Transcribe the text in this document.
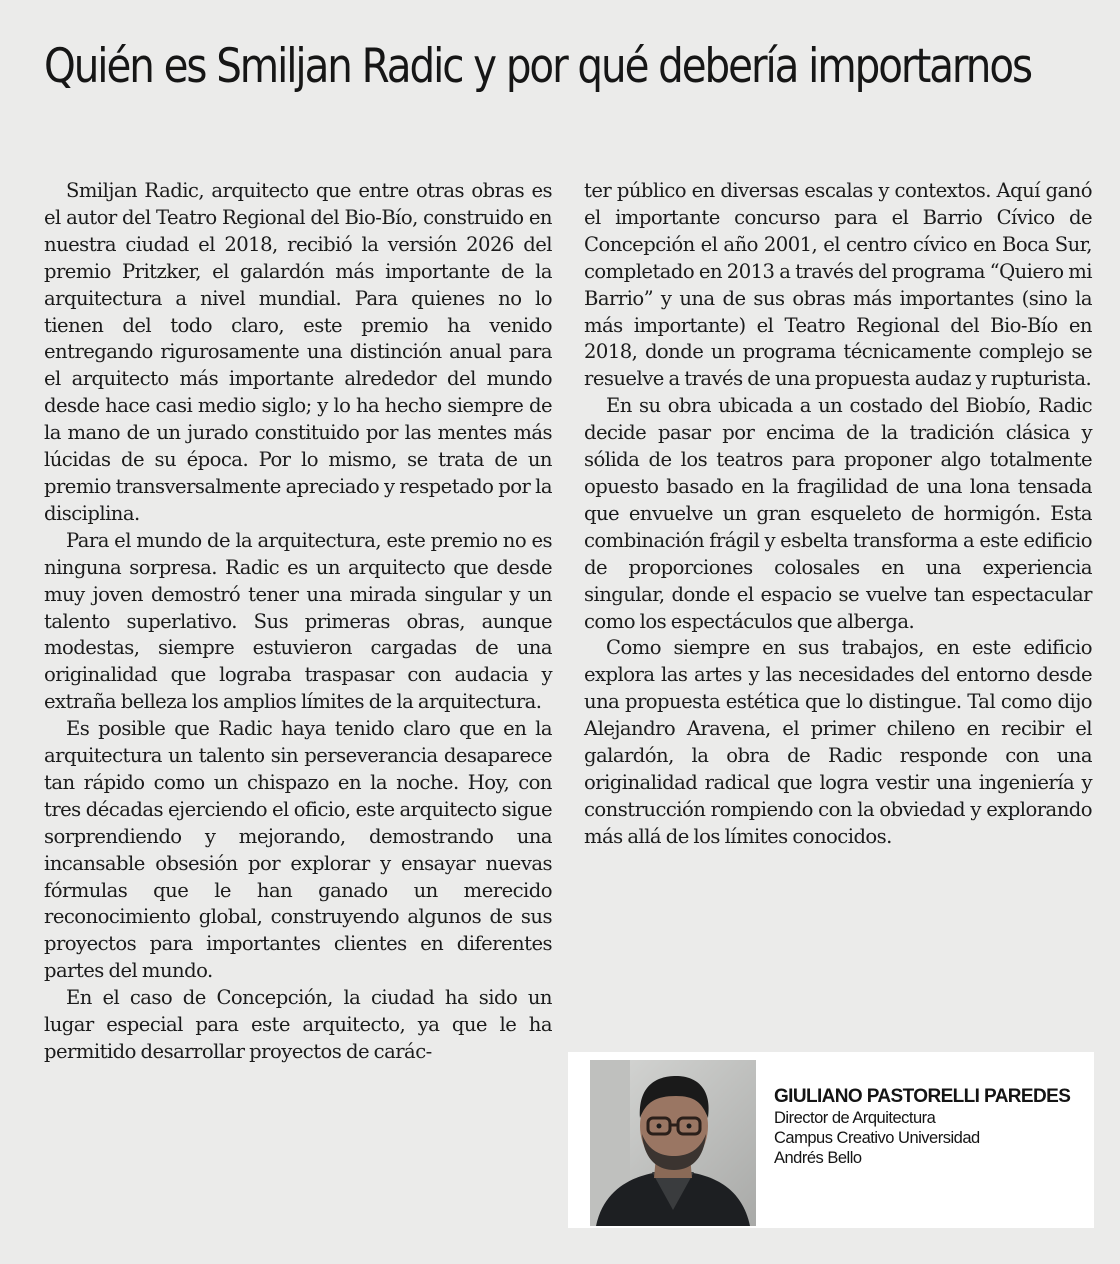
Quién es Smiljan Radic y por qué debería importarnos

Smiljan Radic, arquitecto que entre otras obras es el autor del Teatro Regional del Bio-Bío, construido en nuestra ciudad el 2018, recibió la versión 2026 del premio Pritzker, el galardón más importante de la arquitectura a nivel mundial. Para quienes no lo tienen del todo claro, este premio ha venido entregando rigurosamente una distinción anual para el arquitecto más importante alrededor del mundo desde hace casi medio siglo; y lo ha hecho siempre de la mano de un jurado constituido por las mentes más lúcidas de su época. Por lo mismo, se trata de un premio transversalmente apreciado y respetado por la disciplina.

Para el mundo de la arquitectura, este premio no es ninguna sorpresa. Radic es un arquitecto que desde muy joven demostró tener una mirada singular y un talento superlativo. Sus primeras obras, aunque modestas, siempre estuvieron cargadas de una originalidad que lograba traspasar con audacia y extraña belleza los amplios límites de la arquitectura.

Es posible que Radic haya tenido claro que en la arquitectura un talento sin perseverancia desaparece tan rápido como un chispazo en la noche. Hoy, con tres décadas ejerciendo el oficio, este arquitecto sigue sorprendiendo y mejorando, demostrando una incansable obsesión por explorar y ensayar nuevas fórmulas que le han ganado un merecido reconocimiento global, construyendo algunos de sus proyectos para importantes clientes en diferentes partes del mundo.

En el caso de Concepción, la ciudad ha sido un lugar especial para este arquitecto, ya que le ha permitido desarrollar proyectos de carác-

ter público en diversas escalas y contextos. Aquí ganó el importante concurso para el Barrio Cívico de Concepción el año 2001, el centro cívico en Boca Sur, completado en 2013 a través del programa “Quiero mi Barrio” y una de sus obras más importantes (sino la más importante) el Teatro Regional del Bio-Bío en 2018, donde un programa técnicamente complejo se resuelve a través de una propuesta audaz y rupturista.

En su obra ubicada a un costado del Biobío, Radic decide pasar por encima de la tradición clásica y sólida de los teatros para proponer algo totalmente opuesto basado en la fragilidad de una lona tensada que envuelve un gran esqueleto de hormigón. Esta combinación frágil y esbelta transforma a este edificio de proporciones colosales en una experiencia singular, donde el espacio se vuelve tan espectacular como los espectáculos que alberga.

Como siempre en sus trabajos, en este edificio explora las artes y las necesidades del entorno desde una propuesta estética que lo distingue. Tal como dijo Alejandro Aravena, el primer chileno en recibir el galardón, la obra de Radic responde con una originalidad radical que logra vestir una ingeniería y construcción rompiendo con la obviedad y explorando más allá de los límites conocidos.

GIULIANO PASTORELLI PAREDES
Director de Arquitectura
Campus Creativo Universidad
Andrés Bello
